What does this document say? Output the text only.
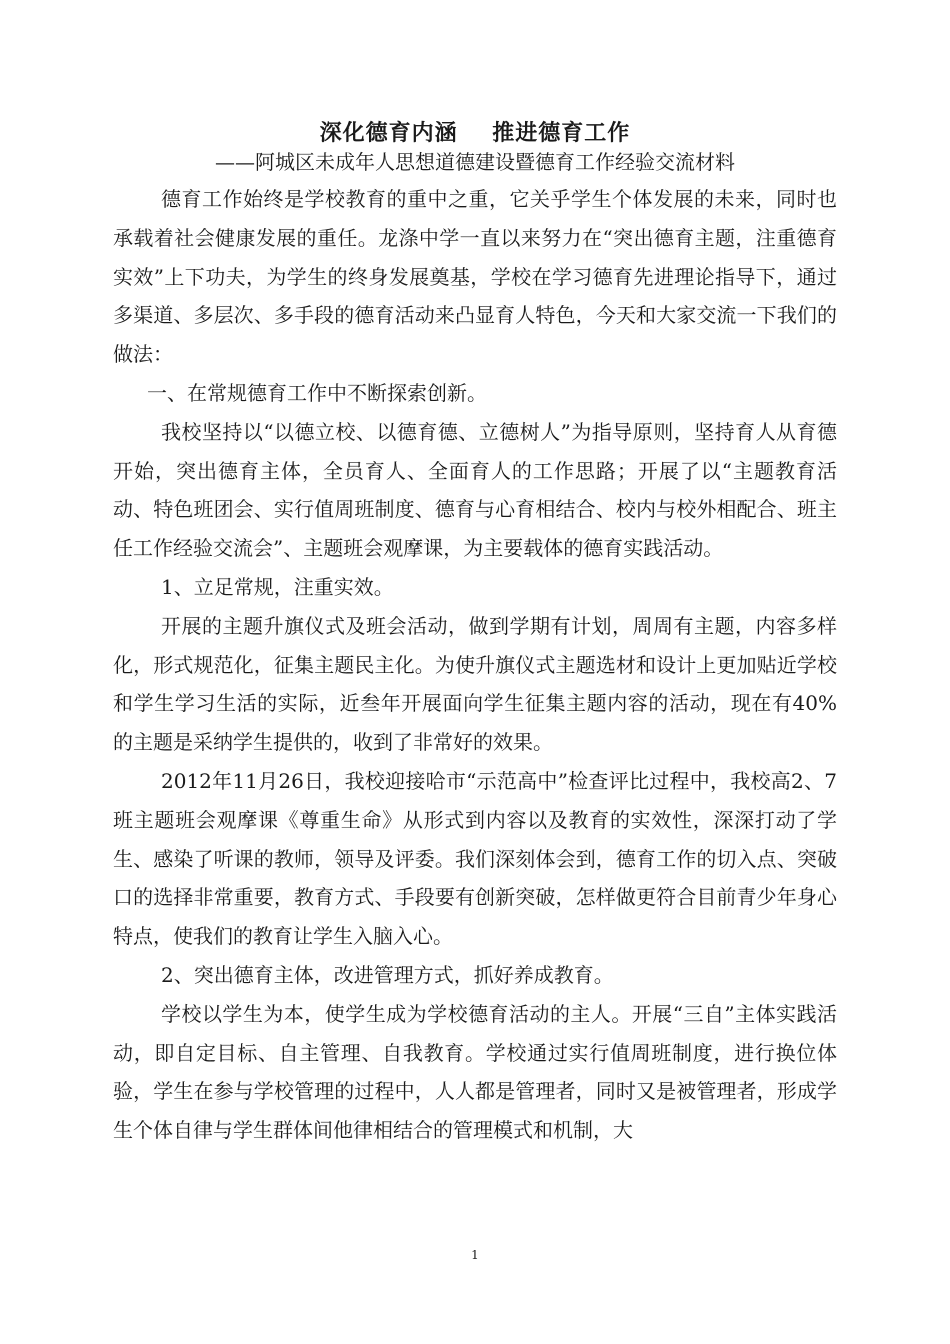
深化德育内涵    推进德育工作
——阿城区未成年人思想道德建设暨德育工作经验交流材料

德育工作始终是学校教育的重中之重，它关乎学生个体发展的未来，同时也承载着社会健康发展的重任。龙涤中学一直以来努力在“突出德育主题，注重德育实效”上下功夫，为学生的终身发展奠基，学校在学习德育先进理论指导下，通过多渠道、多层次、多手段的德育活动来凸显育人特色，今天和大家交流一下我们的做法：

一、在常规德育工作中不断探索创新。

我校坚持以“以德立校、以德育德、立德树人”为指导原则，坚持育人从育德开始，突出德育主体，全员育人、全面育人的工作思路；开展了以“主题教育活动、特色班团会、实行值周班制度、德育与心育相结合、校内与校外相配合、班主任工作经验交流会”、主题班会观摩课，为主要载体的德育实践活动。

1、立足常规，注重实效。

开展的主题升旗仪式及班会活动，做到学期有计划，周周有主题，内容多样化，形式规范化，征集主题民主化。为使升旗仪式主题选材和设计上更加贴近学校和学生学习生活的实际，近叁年开展面向学生征集主题内容的活动，现在有40%的主题是采纳学生提供的，收到了非常好的效果。

2012年11月26日，我校迎接哈市“示范高中”检查评比过程中，我校高2、7班主题班会观摩课《尊重生命》从形式到内容以及教育的实效性，深深打动了学生、感染了听课的教师，领导及评委。我们深刻体会到，德育工作的切入点、突破口的选择非常重要，教育方式、手段要有创新突破，怎样做更符合目前青少年身心特点，使我们的教育让学生入脑入心。

2、突出德育主体，改进管理方式，抓好养成教育。

学校以学生为本，使学生成为学校德育活动的主人。开展“三自”主体实践活动，即自定目标、自主管理、自我教育。学校通过实行值周班制度，进行换位体验，学生在参与学校管理的过程中，人人都是管理者，同时又是被管理者，形成学生个体自律与学生群体间他律相结合的管理模式和机制，大

1
